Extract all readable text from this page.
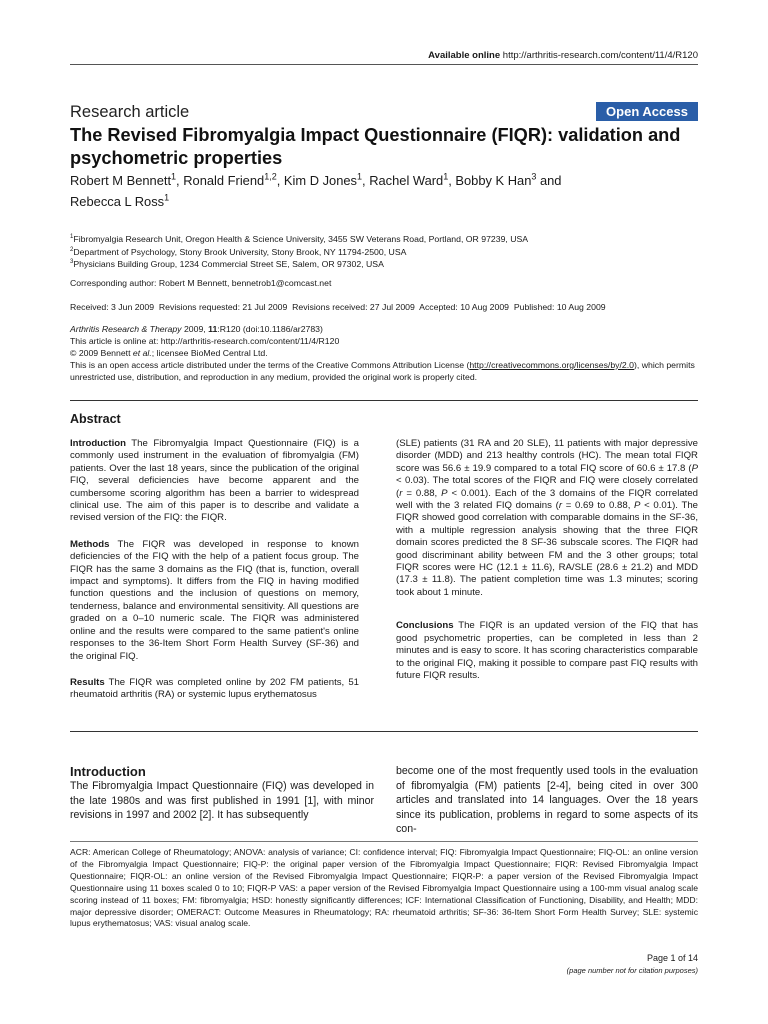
Available online http://arthritis-research.com/content/11/4/R120
Research article	Open Access
The Revised Fibromyalgia Impact Questionnaire (FIQR): validation and psychometric properties
Robert M Bennett$^1$, Ronald Friend$^{1,2}$, Kim D Jones$^1$, Rachel Ward$^1$, Bobby K Han$^3$ and
Rebecca L Ross$^1$
$^1$Fibromyalgia Research Unit, Oregon Health & Science University, 3455 SW Veterans Road, Portland, OR 97239, USA
$^2$Department of Psychology, Stony Brook University, Stony Brook, NY 11794-2500, USA
$^3$Physicians Building Group, 1234 Commercial Street SE, Salem, OR 97302, USA
Corresponding author: Robert M Bennett, bennetrob1@comcast.net
Received: 3 Jun 2009  Revisions requested: 21 Jul 2009  Revisions received: 27 Jul 2009  Accepted: 10 Aug 2009  Published: 10 Aug 2009
Arthritis Research & Therapy 2009, 11:R120 (doi:10.1186/ar2783)
This article is online at: http://arthritis-research.com/content/11/4/R120
© 2009 Bennett et al.; licensee BioMed Central Ltd.
This is an open access article distributed under the terms of the Creative Commons Attribution License (http://creativecommons.org/licenses/by/2.0), which permits unrestricted use, distribution, and reproduction in any medium, provided the original work is properly cited.
Abstract

Introduction The Fibromyalgia Impact Questionnaire (FIQ) is a commonly used instrument in the evaluation of fibromyalgia (FM) patients. Over the last 18 years, since the publication of the original FIQ, several deficiencies have become apparent and the cumbersome scoring algorithm has been a barrier to widespread clinical use. The aim of this paper is to describe and validate a revised version of the FIQ: the FIQR.

Methods The FIQR was developed in response to known deficiencies of the FIQ with the help of a patient focus group. The FIQR has the same 3 domains as the FIQ (that is, function, overall impact and symptoms). It differs from the FIQ in having modified function questions and the inclusion of questions on memory, tenderness, balance and environmental sensitivity. All questions are graded on a 0–10 numeric scale. The FIQR was administered online and the results were compared to the same patient's online responses to the 36-Item Short Form Health Survey (SF-36) and the original FIQ.

Results The FIQR was completed online by 202 FM patients, 51 rheumatoid arthritis (RA) or systemic lupus erythematosus

(SLE) patients (31 RA and 20 SLE), 11 patients with major depressive disorder (MDD) and 213 healthy controls (HC). The mean total FIQR score was 56.6 ± 19.9 compared to a total FIQ score of 60.6 ± 17.8 (P < 0.03). The total scores of the FIQR and FIQ were closely correlated (r = 0.88, P < 0.001). Each of the 3 domains of the FIQR correlated well with the 3 related FIQ domains (r = 0.69 to 0.88, P < 0.01). The FIQR showed good correlation with comparable domains in the SF-36, with a multiple regression analysis showing that the three FIQR domain scores predicted the 8 SF-36 subscale scores. The FIQR had good discriminant ability between FM and the 3 other groups; total FIQR scores were HC (12.1 ± 11.6), RA/SLE (28.6 ± 21.2) and MDD (17.3 ± 11.8). The patient completion time was 1.3 minutes; scoring took about 1 minute.

Conclusions The FIQR is an updated version of the FIQ that has good psychometric properties, can be completed in less than 2 minutes and is easy to score. It has scoring characteristics comparable to the original FIQ, making it possible to compare past FIQ results with future FIQR results.

Introduction
The Fibromyalgia Impact Questionnaire (FIQ) was developed in the late 1980s and was first published in 1991 [1], with minor revisions in 1997 and 2002 [2]. It has subsequently
become one of the most frequently used tools in the evaluation of fibromyalgia (FM) patients [2-4], being cited in over 300 articles and translated into 14 languages. Over the 18 years since its publication, problems in regard to some aspects of its con-
ACR: American College of Rheumatology; ANOVA: analysis of variance; CI: confidence interval; FIQ: Fibromyalgia Impact Questionnaire; FIQ-OL: an online version of the Fibromyalgia Impact Questionnaire; FIQ-P: the original paper version of the Fibromyalgia Impact Questionnaire; FIQR: Revised Fibromyalgia Impact Questionnaire; FIQR-OL: an online version of the Revised Fibromyalgia Impact Questionnaire; FIQR-P: a paper version of the Revised Fibromyalgia Impact Questionnaire using 11 boxes scaled 0 to 10; FIQR-P VAS: a paper version of the Revised Fibromyalgia Impact Questionnaire using a 100-mm visual analog scale scoring instead of 11 boxes; FM: fibromyalgia; HSD: honestly significantly differences; ICF: International Classification of Functioning, Disability, and Health; MDD: major depressive disorder; OMERACT: Outcome Measures in Rheumatology; RA: rheumatoid arthritis; SF-36: 36-Item Short Form Health Survey; SLE: systemic lupus erythematosus; VAS: visual analog scale.
Page 1 of 14
(page number not for citation purposes)
